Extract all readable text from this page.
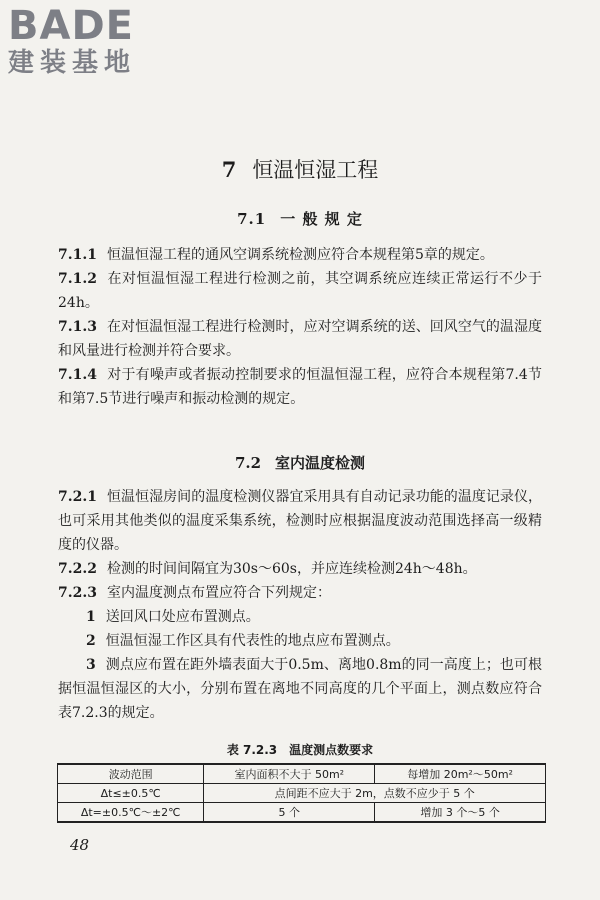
BADE
建装基地
7 恒温恒湿工程
7.1 一 般 规 定

7.1.1 恒温恒湿工程的通风空调系统检测应符合本规程第5章的规定。

7.1.2 在对恒温恒湿工程进行检测之前，其空调系统应连续正常运行不少于24h。

7.1.3 在对恒温恒湿工程进行检测时，应对空调系统的送、回风空气的温湿度和风量进行检测并符合要求。

7.1.4 对于有噪声或者振动控制要求的恒温恒湿工程，应符合本规程第7.4节和第7.5节进行噪声和振动检测的规定。

7.2 室内温度检测

7.2.1 恒温恒湿房间的温度检测仪器宜采用具有自动记录功能的温度记录仪，也可采用其他类似的温度采集系统，检测时应根据温度波动范围选择高一级精度的仪器。

7.2.2 检测的时间间隔宜为30s～60s，并应连续检测24h～48h。

7.2.3 室内温度测点布置应符合下列规定：

1 送回风口处应布置测点。

2 恒温恒湿工作区具有代表性的地点应布置测点。

3 测点应布置在距外墙表面大于0.5m、离地0.8m的同一高度上；也可根据恒温恒湿区的大小，分别布置在离地不同高度的几个平面上，测点数应符合表7.2.3的规定。

表 7.2.3 温度测点数要求
波动范围	室内面积不大于 50m²	每增加 20m²～50m²
Δt≤±0.5℃	点间距不应大于 2m，点数不应少于 5 个	
Δt=±0.5℃～±2℃	5 个	增加 3 个～5 个
48
